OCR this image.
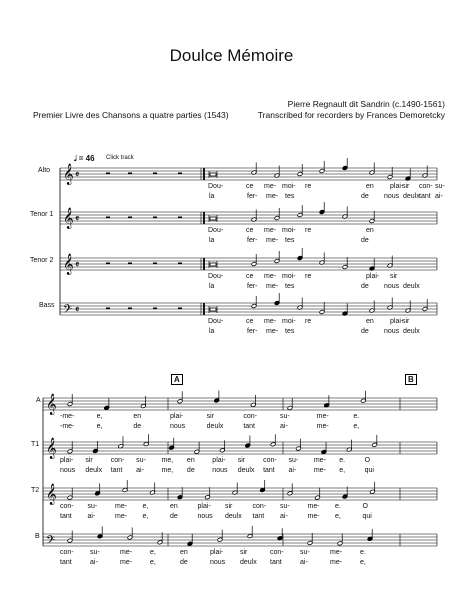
Doulce Mémoire
Pierre Regnault dit Sandrin (c.1490-1561)
Transcribed for recorders by Frances Demoretcky
Premier Livre des Chansons a quatre parties (1543)
𝅗𝅥 = 46 Click track
𝄞 𝄵
𝄞 𝄵
𝄞 𝄵
𝄢 𝄵
𝄞
𝄞
𝄞
𝄢
Alto
Tenor 1
Tenor 2
Bass
Dou-	ce me- moi- re	en plai-
sir con- su-
la	fer- me- tes	de nous deulx tant ai-
Dou-	ce me- moi- re	en
la	fer- me- tes	de
Dou-	ce me- moi- re	plai- sir
la	fer- me- tes	de nous deulx
Dou-	ce me- moi- re	en plai-
sir
la	fer- me- tes	de nous deulx
A
T1
T2
B
-me-	e,	en	plai-	sir	con-	su-	me-	e.
-me-	e,	de	nous	deulx	tant	ai-	me-	e,
plai- sir	con- su- me, en	plai- sir	con- su- me- e.	O
nous deulx tant ai-	me, de	nous deulx tant ai-	me- e,	qui
con- su-	me- e,	en	plai- sir	con- su-	me- e.	O
tant ai-	me- e,	de	nous deulx tant ai-	me- e,	qui
con- su-	me-	e,	en	plai- sir	con- su-	me-	e.
tant	ai-	me-	e,	de	nous deulx tant	ai-	me-	e,
A	B
